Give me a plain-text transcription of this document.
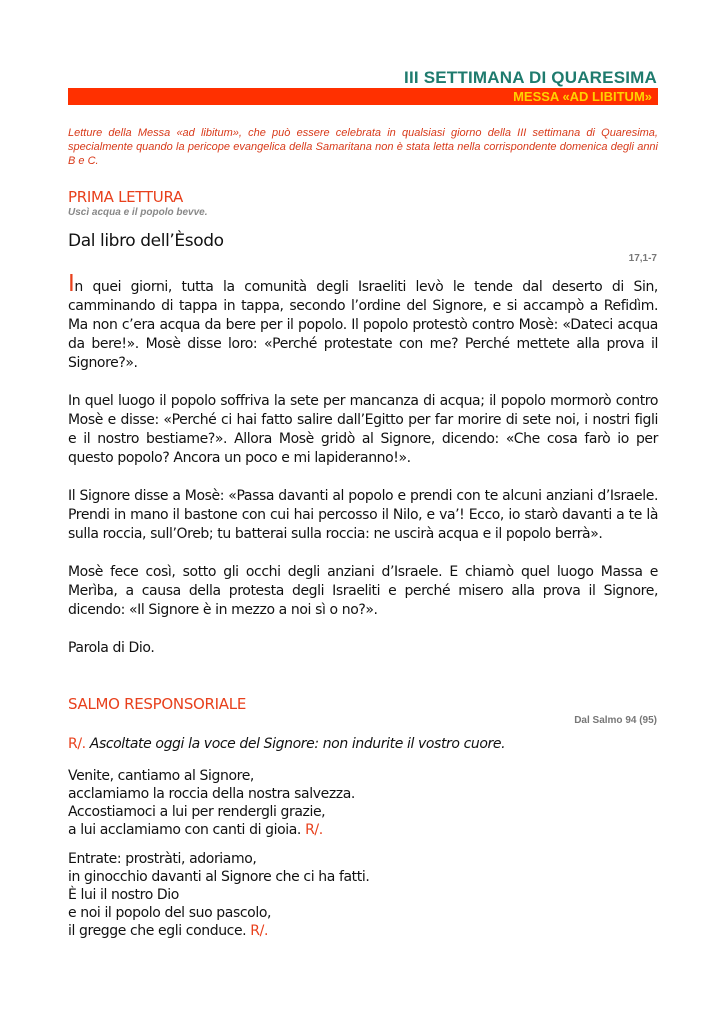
III SETTIMANA DI QUARESIMA
MESSA «AD LIBITUM»
Letture della Messa «ad libitum», che può essere celebrata in qualsiasi giorno della III settimana di Quaresima, specialmente quando la pericope evangelica della Samaritana non è stata letta nella corrispondente domenica degli anni B e C.
PRIMA LETTURA
Uscì acqua e il popolo bevve.
Dal libro dell’Èsodo
17,1-7

In quei giorni, tutta la comunità degli Israeliti levò le tende dal deserto di Sin, camminando di tappa in tappa, secondo l’ordine del Signore, e si accampò a Refidìm. Ma non c’era acqua da bere per il popolo. Il popolo protestò contro Mosè: «Dateci acqua da bere!». Mosè disse loro: «Perché protestate con me? Perché mettete alla prova il Signore?».

In quel luogo il popolo soffriva la sete per mancanza di acqua; il popolo mormorò contro Mosè e disse: «Perché ci hai fatto salire dall’Egitto per far morire di sete noi, i nostri figli e il nostro bestiame?». Allora Mosè gridò al Signore, dicendo: «Che cosa farò io per questo popolo? Ancora un poco e mi lapideranno!».

Il Signore disse a Mosè: «Passa davanti al popolo e prendi con te alcuni anziani d’Israele. Prendi in mano il bastone con cui hai percosso il Nilo, e va’! Ecco, io starò davanti a te là sulla roccia, sull’Oreb; tu batterai sulla roccia: ne uscirà acqua e il popolo berrà».

Mosè fece così, sotto gli occhi degli anziani d’Israele. E chiamò quel luogo Massa e Merìba, a causa della protesta degli Israeliti e perché misero alla prova il Signore, dicendo: «Il Signore è in mezzo a noi sì o no?».

Parola di Dio.

SALMO RESPONSORIALE
Dal Salmo 94 (95)
R/. Ascoltate oggi la voce del Signore: non indurite il vostro cuore.
Venite, cantiamo al Signore,
acclamiamo la roccia della nostra salvezza.
Accostiamoci a lui per rendergli grazie,
a lui acclamiamo con canti di gioia. R/.
Entrate: prostràti, adoriamo,
in ginocchio davanti al Signore che ci ha fatti.
È lui il nostro Dio
e noi il popolo del suo pascolo,
il gregge che egli conduce. R/.
